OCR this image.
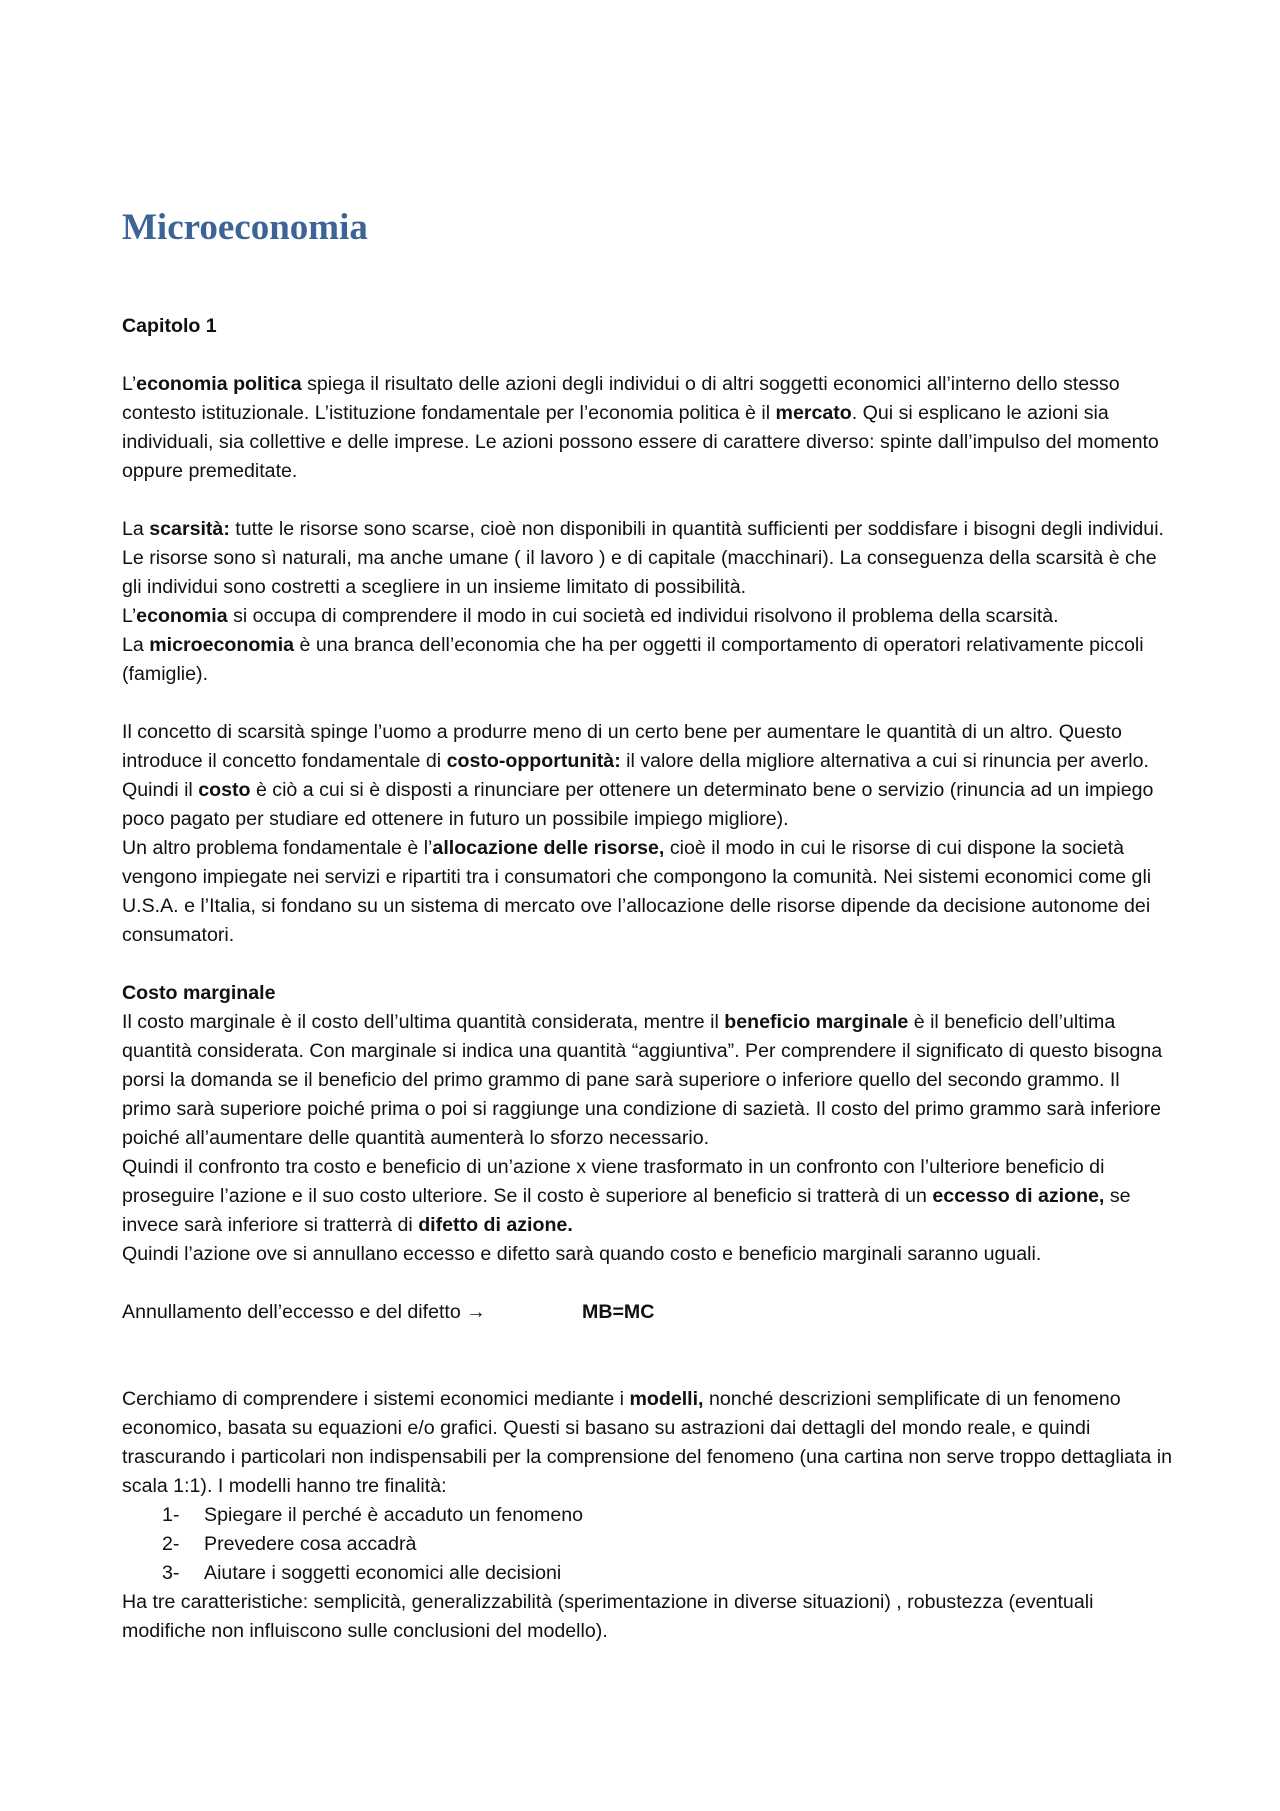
Microeconomia

Capitolo 1

L’economia politica spiega il risultato delle azioni degli individui o di altri soggetti economici all’interno dello stesso contesto istituzionale. L’istituzione fondamentale per l’economia politica è il mercato. Qui si esplicano le azioni sia individuali, sia collettive e delle imprese. Le azioni possono essere di carattere diverso: spinte dall’impulso del momento oppure premeditate.

La scarsità: tutte le risorse sono scarse, cioè non disponibili in quantità sufficienti per soddisfare i bisogni degli individui. Le risorse sono sì naturali, ma anche umane ( il lavoro ) e di capitale (macchinari). La conseguenza della scarsità è che gli individui sono costretti a scegliere in un insieme limitato di possibilità.

L’economia si occupa di comprendere il modo in cui società ed individui risolvono il problema della scarsità.

La microeconomia è una branca dell’economia che ha per oggetti il comportamento di operatori relativamente piccoli (famiglie).

Il concetto di scarsità spinge l’uomo a produrre meno di un certo bene per aumentare le quantità di un altro. Questo introduce il concetto fondamentale di costo-opportunità: il valore della migliore alternativa a cui si rinuncia per averlo. Quindi il costo è ciò a cui si è disposti a rinunciare per ottenere un determinato bene o servizio (rinuncia ad un impiego poco pagato per studiare ed ottenere in futuro un possibile impiego migliore).

Un altro problema fondamentale è l’allocazione delle risorse, cioè il modo in cui le risorse di cui dispone la società vengono impiegate nei servizi e ripartiti tra i consumatori che compongono la comunità. Nei sistemi economici come gli U.S.A. e l’Italia, si fondano su un sistema di mercato ove l’allocazione delle risorse dipende da decisione autonome dei consumatori.

Costo marginale

Il costo marginale è il costo dell’ultima quantità considerata, mentre il beneficio marginale è il beneficio dell’ultima quantità considerata. Con marginale si indica una quantità “aggiuntiva”. Per comprendere il significato di questo bisogna porsi la domanda se il beneficio del primo grammo di pane sarà superiore o inferiore quello del secondo grammo. Il primo sarà superiore poiché prima o poi si raggiunge una condizione di sazietà. Il costo del primo grammo sarà inferiore poiché all’aumentare delle quantità aumenterà lo sforzo necessario.

Quindi il confronto tra costo e beneficio di un’azione x viene trasformato in un confronto con l’ulteriore beneficio di proseguire l’azione e il suo costo ulteriore. Se il costo è superiore al beneficio si tratterà di un eccesso di azione, se invece sarà inferiore si tratterrà di difetto di azione.

Quindi l’azione ove si annullano eccesso e difetto sarà quando costo e beneficio marginali saranno uguali.

Annullamento dell’eccesso e del difetto →	MB=MC

Cerchiamo di comprendere i sistemi economici mediante i modelli, nonché descrizioni semplificate di un fenomeno economico, basata su equazioni e/o grafici. Questi si basano su astrazioni dai dettagli del mondo reale, e quindi trascurando i particolari non indispensabili per la comprensione del fenomeno (una cartina non serve troppo dettagliata in scala 1:1). I modelli hanno tre finalità:

1-	Spiegare il perché è accaduto un fenomeno
2-	Prevedere cosa accadrà
3-	Aiutare i soggetti economici alle decisioni

Ha tre caratteristiche: semplicità, generalizzabilità (sperimentazione in diverse situazioni) , robustezza (eventuali modifiche non influiscono sulle conclusioni del modello).
